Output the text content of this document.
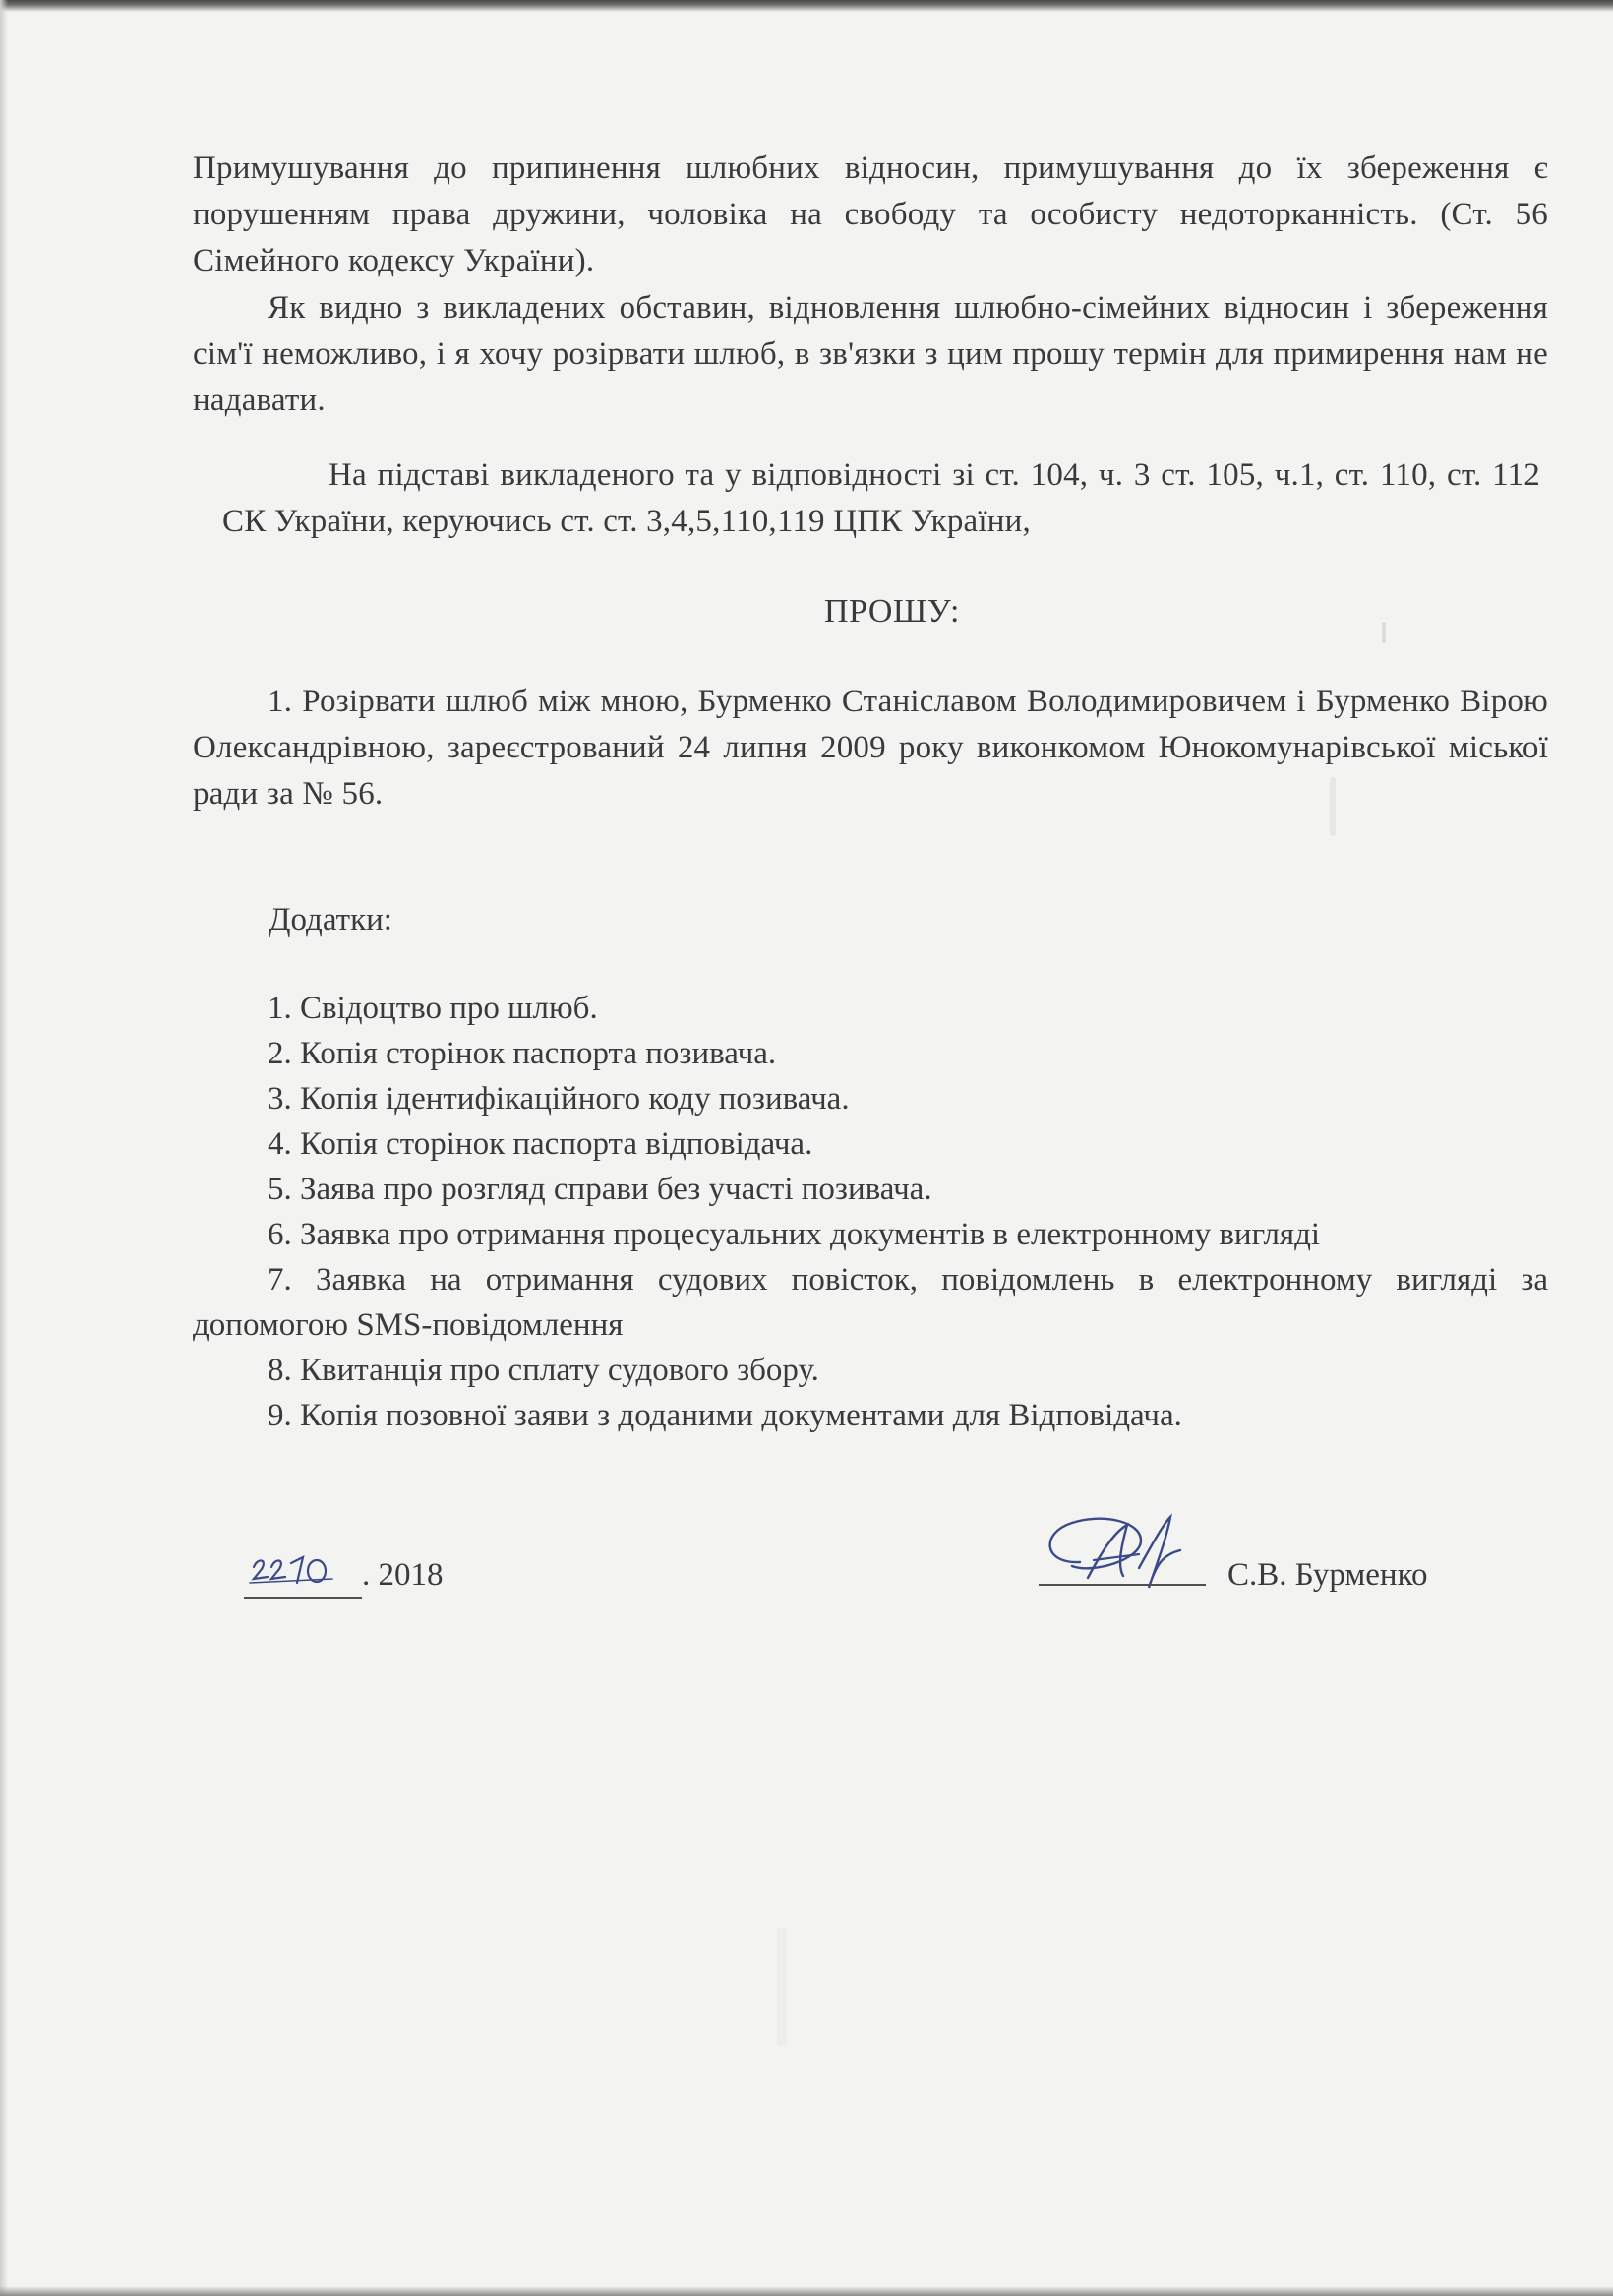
Примушування до припинення шлюбних відносин, примушування до їх збереження є порушенням права дружини, чоловіка на свободу та особисту недоторканність. (Ст. 56 Сімейного кодексу України).

Як видно з викладених обставин, відновлення шлюбно-сімейних відносин і збереження сім'ї неможливо, і я хочу розірвати шлюб, в зв'язки з цим прошу термін для примирення нам не надавати.

На підставі викладеного та у відповідності зі ст. 104, ч. 3 ст. 105, ч.1, ст. 110, ст. 112 СК України, керуючись ст. ст. 3,4,5,110,119 ЦПК України,

ПРОШУ:

1. Розірвати шлюб між мною, Бурменко Станіславом Володимировичем і Бурменко Вірою Олександрівною, зареєстрований 24 липня 2009 року виконкомом Юнокомунарівської міської ради за № 56.

Додатки:

1. Свідоцтво про шлюб.
2. Копія сторінок паспорта позивача.
3. Копія ідентифікаційного коду позивача.
4. Копія сторінок паспорта відповідача.
5. Заява про розгляд справи без участі позивача.
6. Заявка про отримання процесуальних документів в електронному вигляді
7. Заявка на отримання судових повісток, повідомлень в електронному вигляді за допомогою SMS-повідомлення
8. Квитанція про сплату судового збору.
9. Копія позовної заяви з доданими документами для Відповідача.

. 2018	С.В. Бурменко
